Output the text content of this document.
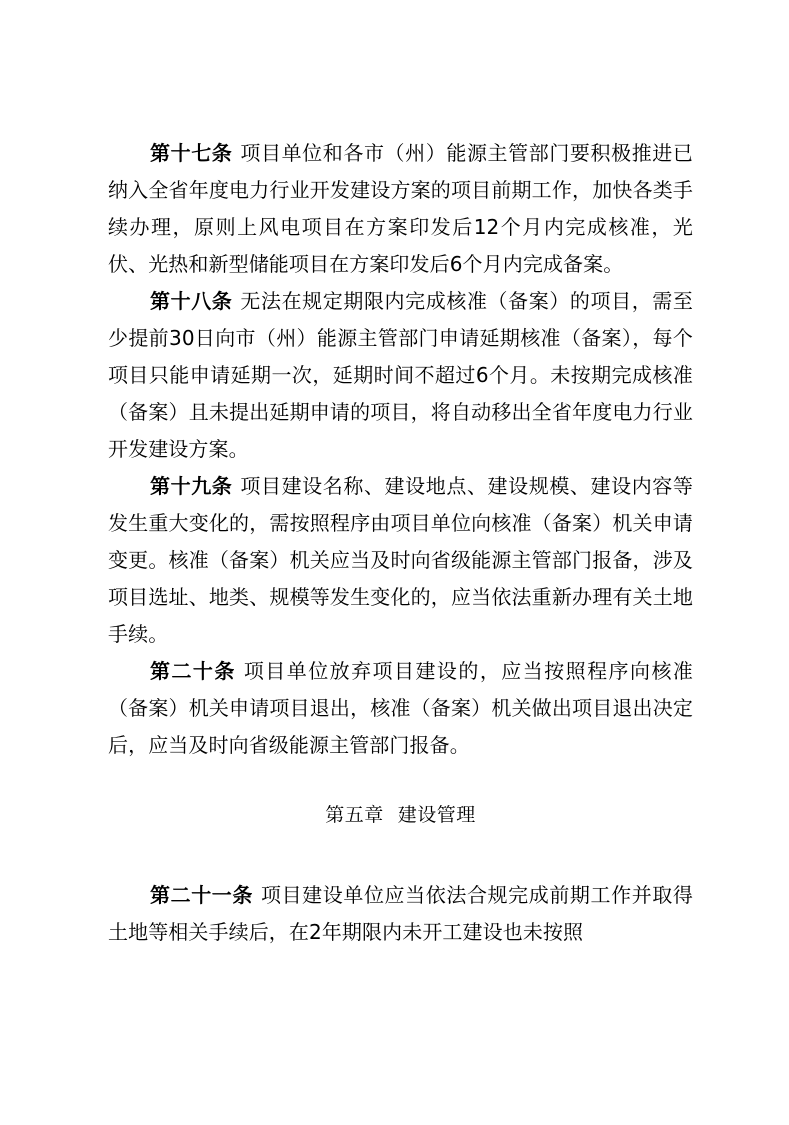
第十七条 项目单位和各市（州）能源主管部门要积极推进已纳入全省年度电力行业开发建设方案的项目前期工作，加快各类手续办理，原则上风电项目在方案印发后12个月内完成核准，光伏、光热和新型储能项目在方案印发后6个月内完成备案。

第十八条 无法在规定期限内完成核准（备案）的项目，需至少提前30日向市（州）能源主管部门申请延期核准（备案），每个项目只能申请延期一次，延期时间不超过6个月。未按期完成核准（备案）且未提出延期申请的项目，将自动移出全省年度电力行业开发建设方案。

第十九条 项目建设名称、建设地点、建设规模、建设内容等发生重大变化的，需按照程序由项目单位向核准（备案）机关申请变更。核准（备案）机关应当及时向省级能源主管部门报备，涉及项目选址、地类、规模等发生变化的，应当依法重新办理有关土地手续。

第二十条 项目单位放弃项目建设的，应当按照程序向核准（备案）机关申请项目退出，核准（备案）机关做出项目退出决定后，应当及时向省级能源主管部门报备。

第五章 建设管理

第二十一条 项目建设单位应当依法合规完成前期工作并取得土地等相关手续后，在2年期限内未开工建设也未按照
